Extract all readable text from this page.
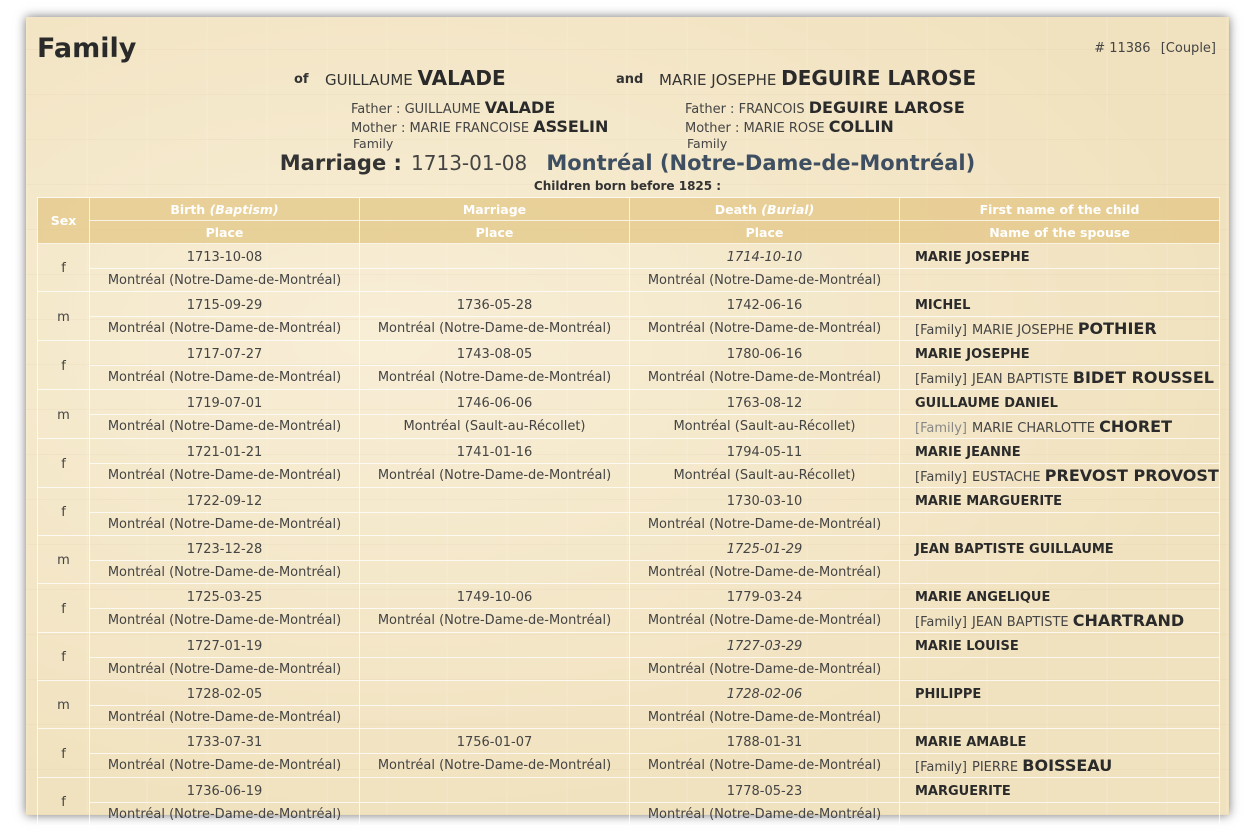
Family	# 11386 [Couple]
of	and
GUILLAUME VALADE	MARIE JOSEPHE DEGUIRE LAROSE
Father : GUILLAUME VALADE
Mother : MARIE FRANCOISE ASSELIN
Family
Father : FRANCOIS DEGUIRE LAROSE
Mother : MARIE ROSE COLLIN
Family
Marriage : 1713-01-08 Montréal (Notre-Dame-de-Montréal)
Children born before 1825 :
Sex	Birth (Baptism)	Marriage	Death (Burial)	First name of the child
	Place	Place	Place	Name of the spouse
f	1713-10-08		1714-10-10	MARIE JOSEPHE
	Montréal (Notre-Dame-de-Montréal)		Montréal (Notre-Dame-de-Montréal)	
m	1715-09-29	1736-05-28	1742-06-16	MICHEL
	Montréal (Notre-Dame-de-Montréal)	Montréal (Notre-Dame-de-Montréal)	Montréal (Notre-Dame-de-Montréal)	[Family] MARIE JOSEPHE POTHIER
f	1717-07-27	1743-08-05	1780-06-16	MARIE JOSEPHE
	Montréal (Notre-Dame-de-Montréal)	Montréal (Notre-Dame-de-Montréal)	Montréal (Notre-Dame-de-Montréal)	[Family] JEAN BAPTISTE BIDET ROUSSEL
m	1719-07-01	1746-06-06	1763-08-12	GUILLAUME DANIEL
	Montréal (Notre-Dame-de-Montréal)	Montréal (Sault-au-Récollet)	Montréal (Sault-au-Récollet)	[Family] MARIE CHARLOTTE CHORET
f	1721-01-21	1741-01-16	1794-05-11	MARIE JEANNE
	Montréal (Notre-Dame-de-Montréal)	Montréal (Notre-Dame-de-Montréal)	Montréal (Sault-au-Récollet)	[Family] EUSTACHE PREVOST PROVOST
f	1722-09-12		1730-03-10	MARIE MARGUERITE
	Montréal (Notre-Dame-de-Montréal)		Montréal (Notre-Dame-de-Montréal)	
m	1723-12-28		1725-01-29	JEAN BAPTISTE GUILLAUME
	Montréal (Notre-Dame-de-Montréal)		Montréal (Notre-Dame-de-Montréal)	
f	1725-03-25	1749-10-06	1779-03-24	MARIE ANGELIQUE
	Montréal (Notre-Dame-de-Montréal)	Montréal (Notre-Dame-de-Montréal)	Montréal (Notre-Dame-de-Montréal)	[Family] JEAN BAPTISTE CHARTRAND
f	1727-01-19		1727-03-29	MARIE LOUISE
	Montréal (Notre-Dame-de-Montréal)		Montréal (Notre-Dame-de-Montréal)	
m	1728-02-05		1728-02-06	PHILIPPE
	Montréal (Notre-Dame-de-Montréal)		Montréal (Notre-Dame-de-Montréal)	
f	1733-07-31	1756-01-07	1788-01-31	MARIE AMABLE
	Montréal (Notre-Dame-de-Montréal)	Montréal (Notre-Dame-de-Montréal)	Montréal (Notre-Dame-de-Montréal)	[Family] PIERRE BOISSEAU
f	1736-06-19		1778-05-23	MARGUERITE
	Montréal (Notre-Dame-de-Montréal)		Montréal (Notre-Dame-de-Montréal)	
